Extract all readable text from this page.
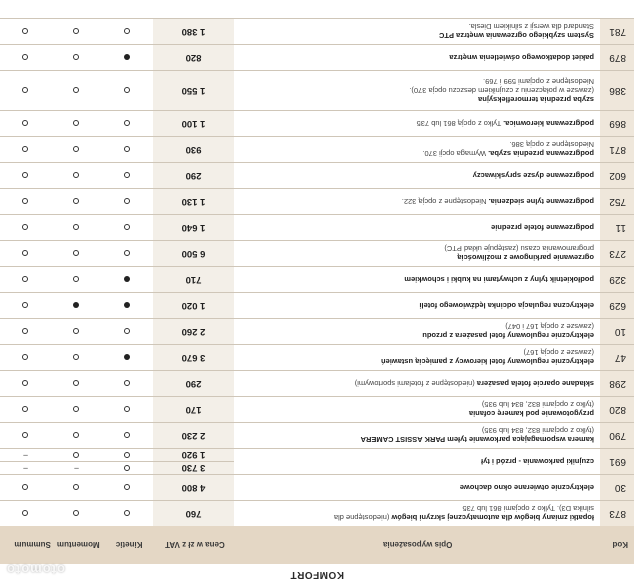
KOMFORT
Kod
Opis wyposażenia
Cena w zł z VAT
Kinetic
Momentum
Summum
873
łopatki zmiany biegów dla automatycznej skrzyni biegów (niedostępne dla
silnika D3). Tylko z opcjami 861 lub 735
760
30
elektrycznie otwierane okno dachowe
4 800
691
czujniki parkowania - przód i tył
3 730
1 920
–
–
–
790
kamera wspomagająca parkowanie tyłem PARK ASSIST CAMERA
(tylko z opcjami 832, 834 lub 935)
2 230
820
przygotowanie pod kamerę cofania
(tylko z opcjami 832, 834 lub 935)
170
298
składane oparcie fotela pasażera (niedostępne z fotelami sportowymi)
290
47
elektrycznie regulowany fotel kierowcy z pamięcią ustawień
(zawsze z opcją 167)
3 670
10
elektrycznie regulowany fotel pasażera z przodu
(zawsze z opcją 167 i 047)
2 260
629
elektryczna regulacja odcinka lędźwiowego foteli
1 020
329
podłokietnik tylny z uchwytami na kubki i schowkiem
710
273
ogrzewanie parkingowe z możliwością
programowania czasu (zastępuje układ PTC)
6 500
11
podgrzewane fotele przednie
1 640
752
podgrzewane tylne siedzenia. Niedostępne z opcją 322.
1 130
602
podgrzewane dysze spryskiwaczy
290
871
podgrzewana przednia szyba. Wymaga opcji 370.
Niedostępne z opcją 386.
930
869
podgrzewana kierownica. Tylko z opcją 861 lub 735
1 100
386
szyba przednia termorefleksyjna
(zawsze w połączeniu z czujnikiem deszczu opcja 370).
Niedostępne z opcjami 599 i 769.
1 550
879
pakiet dodatkowego oświetlenia wnętrza
820
781
System szybkiego ogrzewania wnętrza PTC
Standard dla wersji z silnikiem Diesla.
1 380
otomoto
